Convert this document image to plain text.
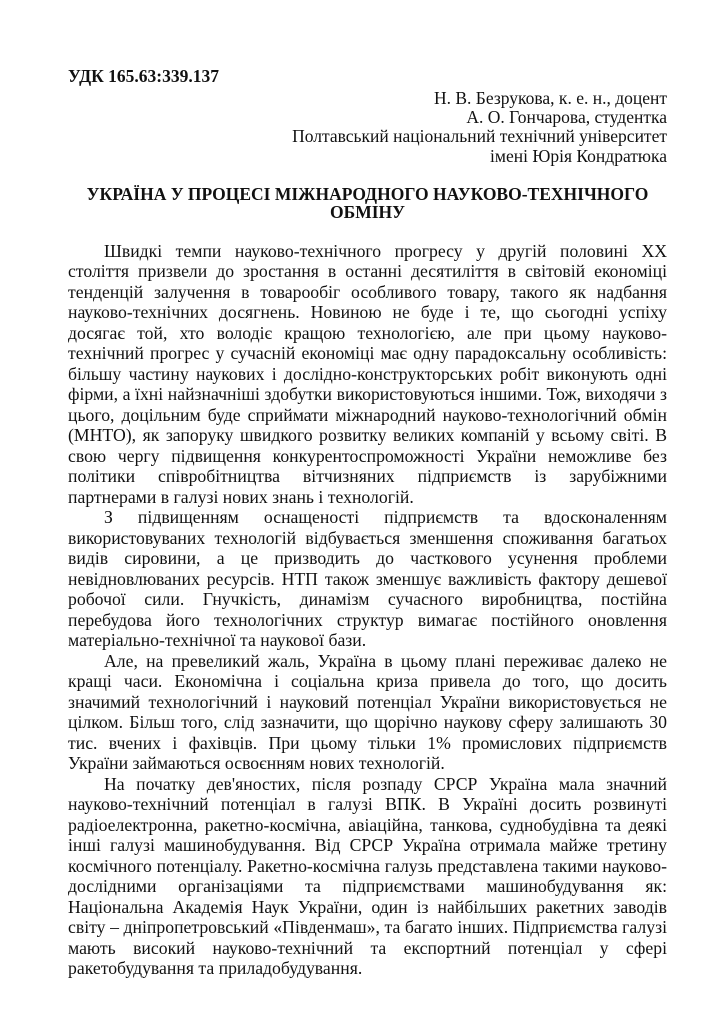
УДК 165.63:339.137

Н. В. Безрукова, к. е. н., доцент
А. О. Гончарова, студентка
Полтавський національний технічний університет
імені Юрія Кондратюка
УКРАЇНА У ПРОЦЕСІ МІЖНАРОДНОГО НАУКОВО-ТЕХНІЧНОГО
ОБМІНУ

Швидкі темпи науково-технічного прогресу у другій половині XX століття призвели до зростання в останні десятиліття в світовій економіці тенденцій залучення в товарообіг особливого товару, такого як надбання науково-технічних досягнень. Новиною не буде і те, що сьогодні успіху досягає той, хто володіє кращою технологією, але при цьому науково-технічний прогрес у сучасній економіці має одну парадоксальну особливість: більшу частину наукових і дослідно-конструкторських робіт виконують одні фірми, а їхні найзначніші здобутки використовуються іншими. Тож, виходячи з цього, доцільним буде сприймати міжнародний науково-технологічний обмін (МНТО), як запоруку швидкого розвитку великих компаній у всьому світі. В свою чергу підвищення конкурентоспроможності України неможливе без політики співробітництва вітчизняних підприємств із зарубіжними партнерами в галузі нових знань і технологій.

З підвищенням оснащеності підприємств та вдосконаленням використовуваних технологій відбувається зменшення споживання багатьох видів сировини, а це призводить до часткового усунення проблеми невідновлюваних ресурсів. НТП також зменшує важливість фактору дешевої робочої сили. Гнучкість, динамізм сучасного виробництва, постійна перебудова його технологічних структур вимагає постійного оновлення матеріально-технічної та наукової бази.

Але, на превеликий жаль, Україна в цьому плані переживає далеко не кращі часи. Економічна і соціальна криза привела до того, що досить значимий технологічний і науковий потенціал України використовується не цілком. Більш того, слід зазначити, що щорічно наукову сферу залишають 30 тис. вчених і фахівців. При цьому тільки 1% промислових підприємств України займаються освоєнням нових технологій.

На початку дев'яностих, після розпаду СРСР Україна мала значний науково-технічний потенціал в галузі ВПК. В Україні досить розвинуті радіоелектронна, ракетно-космічна, авіаційна, танкова, суднобудівна та деякі інші галузі машинобудування. Від СРСР Україна отримала майже третину космічного потенціалу. Ракетно-космічна галузь представлена такими науково-дослідними організаціями та підприємствами машинобудування як: Національна Академія Наук України, один із найбільших ракетних заводів світу – дніпропетровський «Південмаш», та багато інших. Підприємства галузі мають високий науково-технічний та експортний потенціал у сфері ракетобудування та приладобудування.
